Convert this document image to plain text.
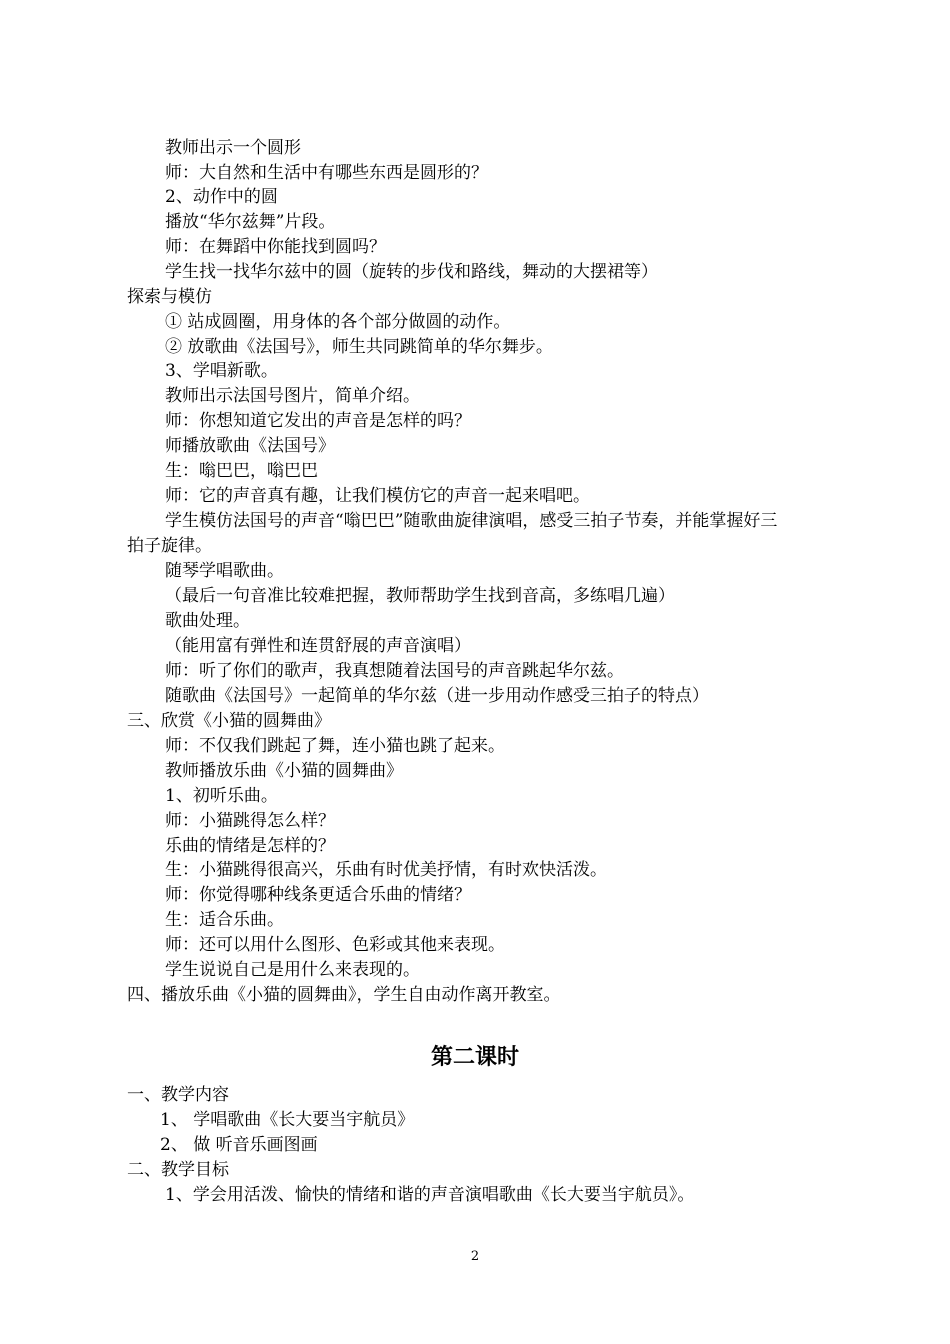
教师出示一个圆形
师：大自然和生活中有哪些东西是圆形的？
2、动作中的圆
播放“华尔兹舞”片段。
师：在舞蹈中你能找到圆吗？
学生找一找华尔兹中的圆（旋转的步伐和路线，舞动的大摆裙等）
探索与模仿
① 站成圆圈，用身体的各个部分做圆的动作。
② 放歌曲《法国号》，师生共同跳简单的华尔舞步。
3、学唱新歌。
教师出示法国号图片，简单介绍。
师：你想知道它发出的声音是怎样的吗？
师播放歌曲《法国号》
生：嗡巴巴，嗡巴巴
师：它的声音真有趣，让我们模仿它的声音一起来唱吧。
学生模仿法国号的声音“嗡巴巴”随歌曲旋律演唱，感受三拍子节奏，并能掌握好三
拍子旋律。
随琴学唱歌曲。
（最后一句音准比较难把握，教师帮助学生找到音高，多练唱几遍）
歌曲处理。
（能用富有弹性和连贯舒展的声音演唱）
师：听了你们的歌声，我真想随着法国号的声音跳起华尔兹。
随歌曲《法国号》一起简单的华尔兹（进一步用动作感受三拍子的特点）
三、欣赏《小猫的圆舞曲》
师：不仅我们跳起了舞，连小猫也跳了起来。
教师播放乐曲《小猫的圆舞曲》
1、初听乐曲。
师：小猫跳得怎么样？
乐曲的情绪是怎样的？
生：小猫跳得很高兴，乐曲有时优美抒情，有时欢快活泼。
师：你觉得哪种线条更适合乐曲的情绪？
生：适合乐曲。
师：还可以用什么图形、色彩或其他来表现。
学生说说自己是用什么来表现的。
四、播放乐曲《小猫的圆舞曲》，学生自由动作离开教室。
第二课时
一、教学内容
1、 学唱歌曲《长大要当宇航员》
2、 做 听音乐画图画
二、教学目标
1、学会用活泼、愉快的情绪和谐的声音演唱歌曲《长大要当宇航员》。
2
